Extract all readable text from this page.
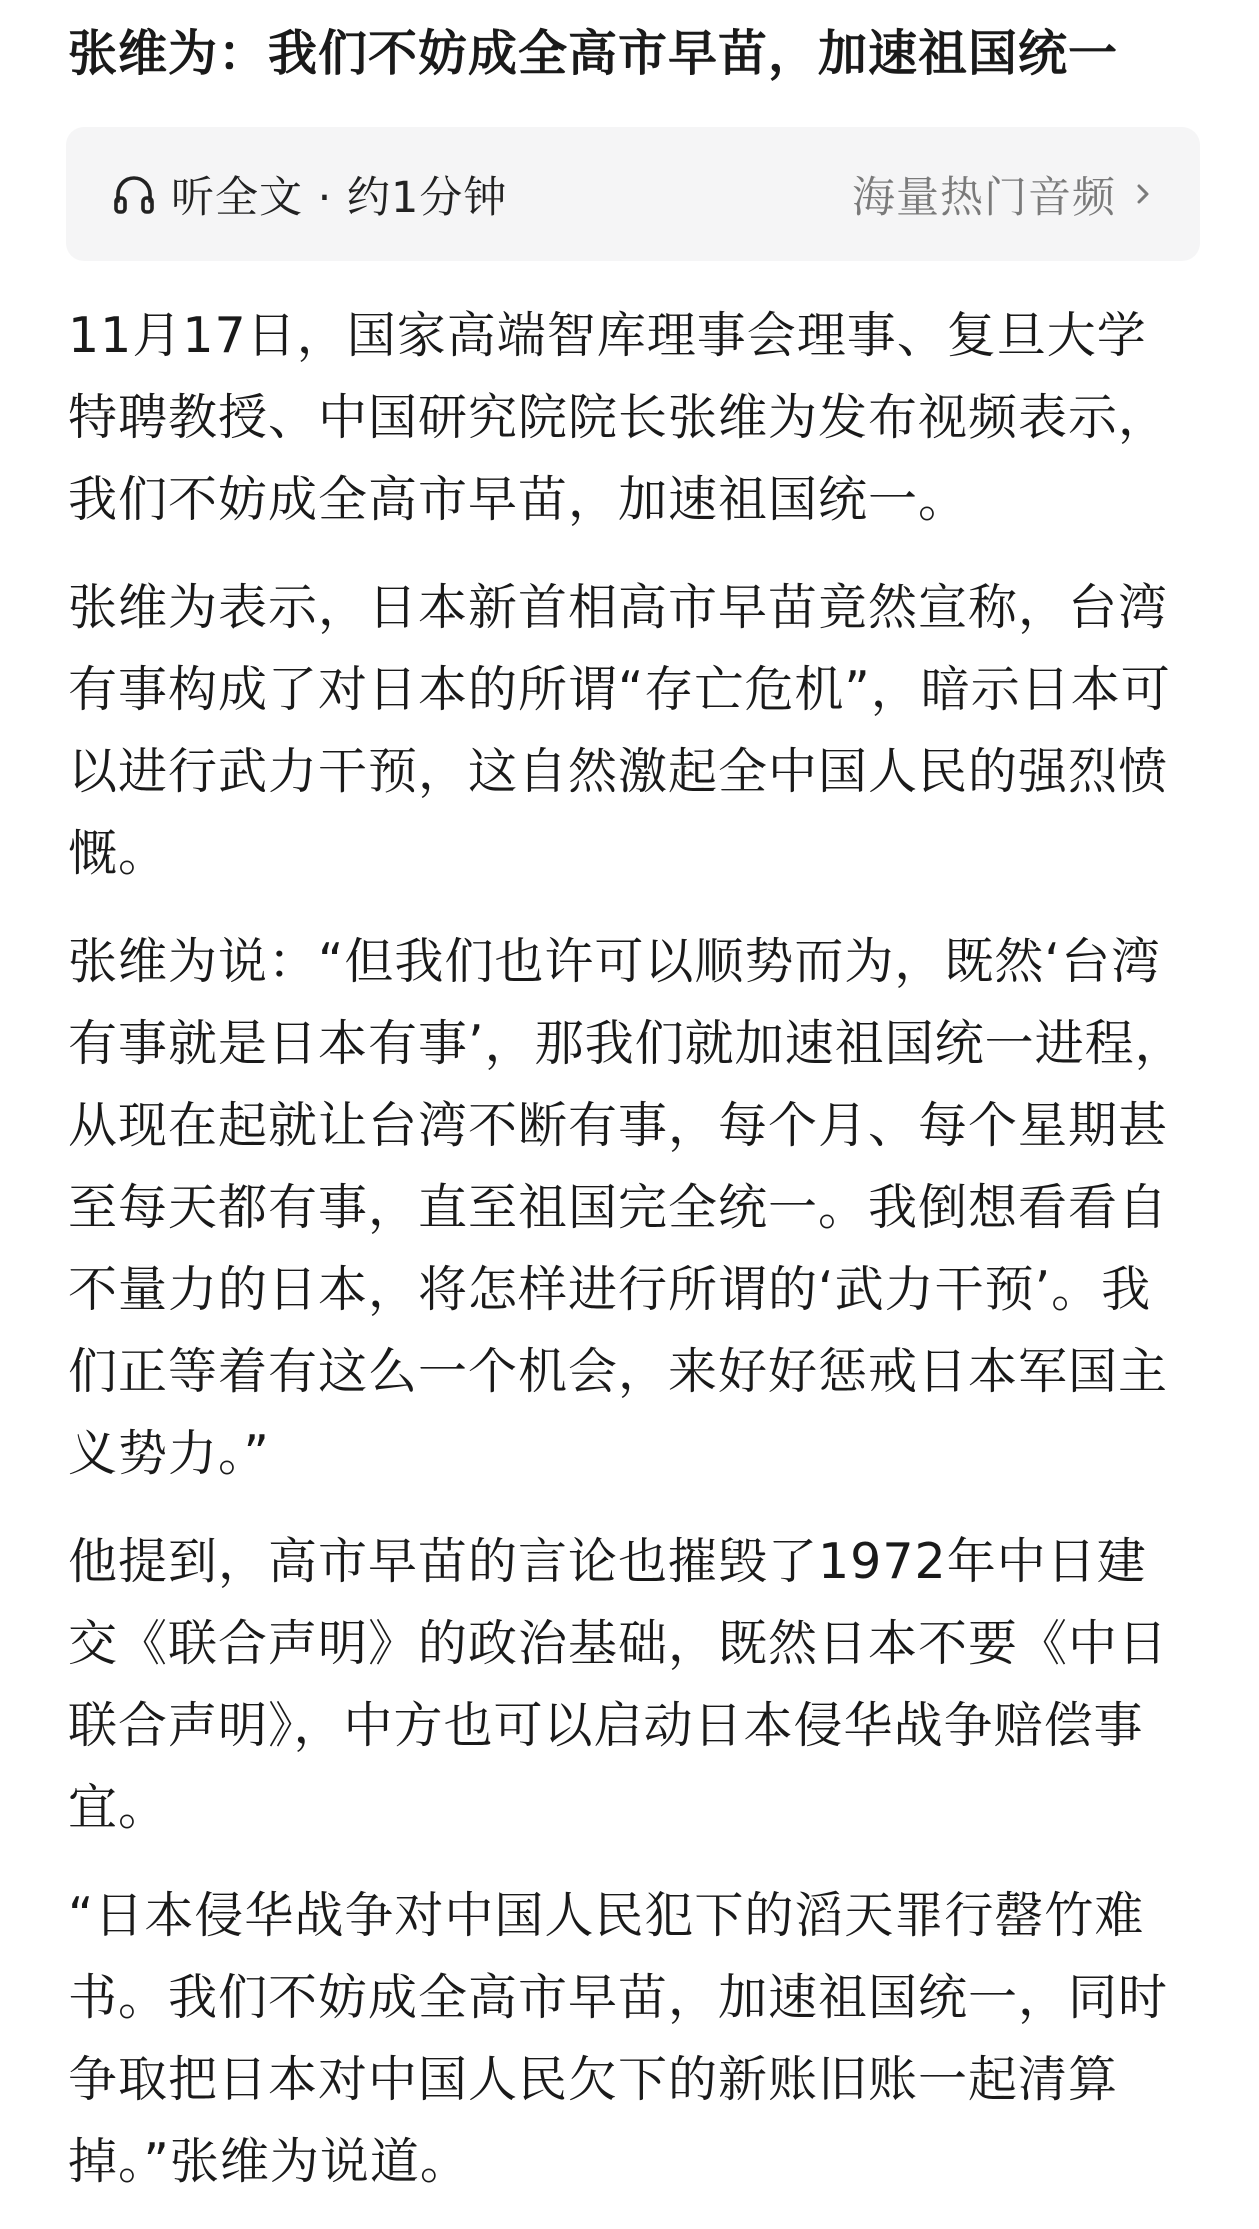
张维为：我们不妨成全高市早苗，加速祖国统一
听全文 · 约1分钟	海量热门音频

11月17日，国家高端智库理事会理事、复旦大学特聘教授、中国研究院院长张维为发布视频表示，我们不妨成全高市早苗，加速祖国统一。

张维为表示，日本新首相高市早苗竟然宣称，台湾有事构成了对日本的所谓“存亡危机”，暗示日本可以进行武力干预，这自然激起全中国人民的强烈愤慨。

张维为说：“但我们也许可以顺势而为，既然‘台湾有事就是日本有事’，那我们就加速祖国统一进程，从现在起就让台湾不断有事，每个月、每个星期甚至每天都有事，直至祖国完全统一。我倒想看看自不量力的日本，将怎样进行所谓的‘武力干预’。我们正等着有这么一个机会，来好好惩戒日本军国主义势力。”

他提到，高市早苗的言论也摧毁了1972年中日建交《联合声明》的政治基础，既然日本不要《中日联合声明》，中方也可以启动日本侵华战争赔偿事宜。

“日本侵华战争对中国人民犯下的滔天罪行罄竹难书。我们不妨成全高市早苗，加速祖国统一，同时争取把日本对中国人民欠下的新账旧账一起清算掉。”张维为说道。
